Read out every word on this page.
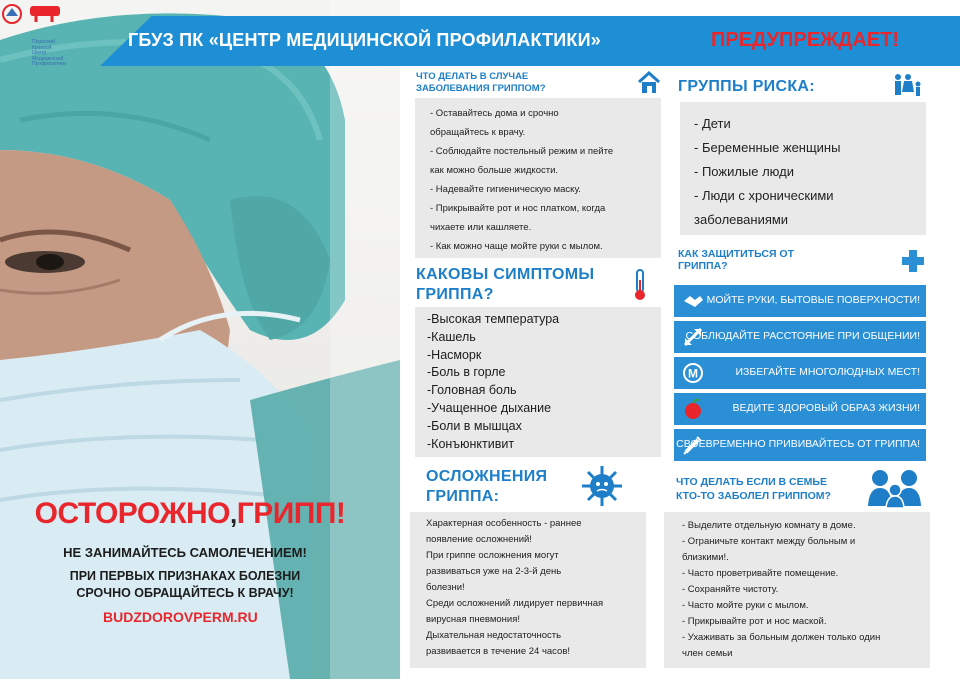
Пермский Краевой
Центр Медицинской
Профилактики
ОСТОРОЖНО,ГРИПП!
НЕ ЗАНИМАЙТЕСЬ САМОЛЕЧЕНИЕМ!
ПРИ ПЕРВЫХ ПРИЗНАКАХ БОЛЕЗНИ
СРОЧНО ОБРАЩАЙТЕСЬ К ВРАЧУ!
BUDZDOROVPERM.RU
ГБУЗ ПК «ЦЕНТР МЕДИЦИНСКОЙ ПРОФИЛАКТИКИ»	ПРЕДУПРЕЖДАЕТ!
ЧТО ДЕЛАТЬ В СЛУЧАЕ
ЗАБОЛЕВАНИЯ ГРИППОМ?
- Оставайтесь дома и срочно
обращайтесь к врачу.
- Соблюдайте постельный режим и пейте
как можно больше жидкости.
- Надевайте гигиеническую маску.
- Прикрывайте рот и нос платком, когда
чихаете или кашляете.
- Как можно чаще мойте руки с мылом.
ГРУППЫ РИСКА:
- Дети
- Беременные женщины
- Пожилые люди
- Люди с хроническими
заболеваниями
КАКОВЫ СИМПТОМЫ
ГРИППА?
-Высокая температура
-Кашель
-Насморк
-Боль в горле
-Головная боль
-Учащенное дыхание
-Боли в мышцах
-Конъюнктивит
КАК ЗАЩИТИТЬСЯ ОТ
ГРИППА?
МОЙТЕ РУКИ, БЫТОВЫЕ ПОВЕРХНОСТИ!
СОБЛЮДАЙТЕ РАССТОЯНИЕ ПРИ ОБЩЕНИИ!
М	ИЗБЕГАЙТЕ МНОГОЛЮДНЫХ МЕСТ!
ВЕДИТЕ ЗДОРОВЫЙ ОБРАЗ ЖИЗНИ!
СВОЕВРЕМЕННО ПРИВИВАЙТЕСЬ ОТ ГРИППА!
ОСЛОЖНЕНИЯ
ГРИППА:
Характерная особенность - раннее
появление осложнений!
При гриппе осложнения могут
развиваться уже на 2-3-й день
болезни!
Среди осложнений лидирует первичная
вирусная пневмония!
Дыхательная недостаточность
развивается в течение 24 часов!
ЧТО ДЕЛАТЬ ЕСЛИ В СЕМЬЕ
КТО-ТО ЗАБОЛЕЛ ГРИППОМ?
- Выделите отдельную комнату в доме.
- Ограничьте контакт между больным и
близкими!.
- Часто проветривайте помещение.
- Сохраняйте чистоту.
- Часто мойте руки с мылом.
- Прикрывайте рот и нос маской.
- Ухаживать за больным должен только один
член семьи
